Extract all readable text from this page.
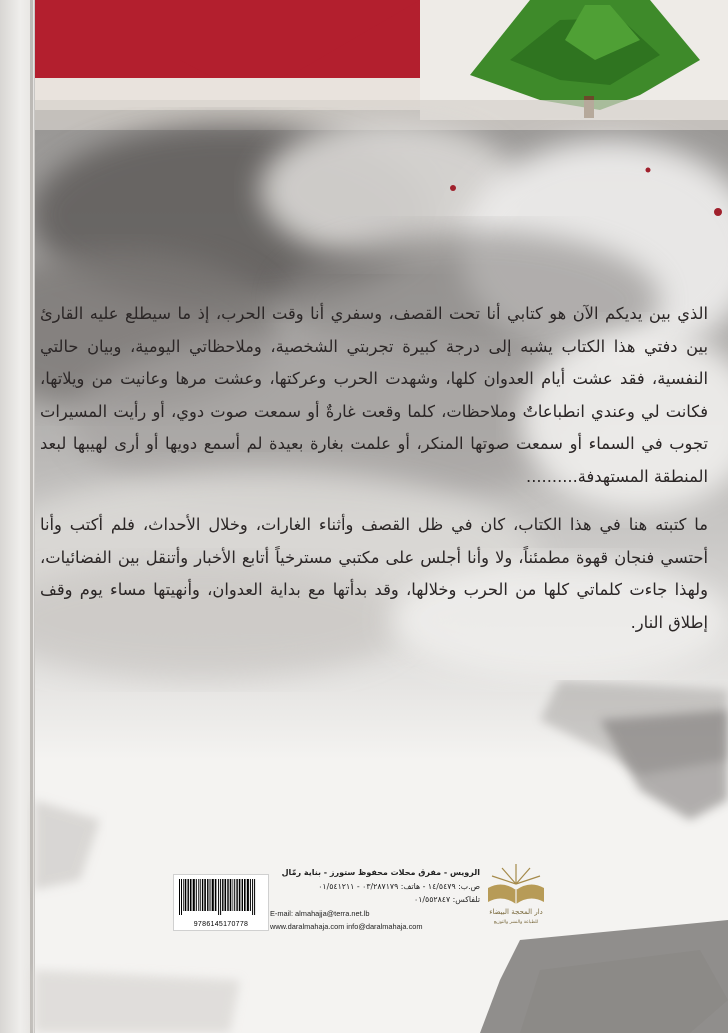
الذي بين يديكم الآن هو كتابي أنا تحت القصف، وسفري أنا وقت الحرب، إذ ما سيطلع عليه القارئ بين دفتي هذا الكتاب يشبه إلى درجة كبيرة تجربتي الشخصية، وملاحظاتي اليومية، وبيان حالتي النفسية، فقد عشت أيام العدوان كلها، وشهدت الحرب وعركتها، وعشت مرها وعانيت من ويلاتها، فكانت لي وعندي انطباعاتٌ وملاحظات، كلما وقعت غارةٌ أو سمعت صوت دوي، أو رأيت المسيرات تجوب في السماء أو سمعت صوتها المنكر، أو علمت بغارة بعيدة لم أسمع دويها أو أرى لهيبها لبعد المنطقة المستهدفة..........

ما كتبته هنا في هذا الكتاب، كان في ظل القصف وأثناء الغارات، وخلال الأحداث، فلم أكتب وأنا أحتسي فنجان قهوة مطمئناً، ولا وأنا أجلس على مكتبي مسترخياً أتابع الأخبار وأتنقل بين الفضائيات، ولهذا جاءت كلماتي كلها من الحرب وخلالها، وقد بدأتها مع بداية العدوان، وأنهيتها مساء يوم وقف إطلاق النار.

9786145170778
الرويس - مفرق محلات محفوظ ستورز - بناية رمّال
ص.ب: ١٤/٥٤٧٩ - هاتف: ٠٣/٢٨٧١٧٩ - ٠١/٥٤١٢١١
تلفاكس: ٠١/٥٥٢٨٤٧
E-mail: almahajja@terra.net.lb
www.daralmahaja.com info@daralmahaja.com
دار المحجة البيضاء
للطباعة والنشر والتوزيع
